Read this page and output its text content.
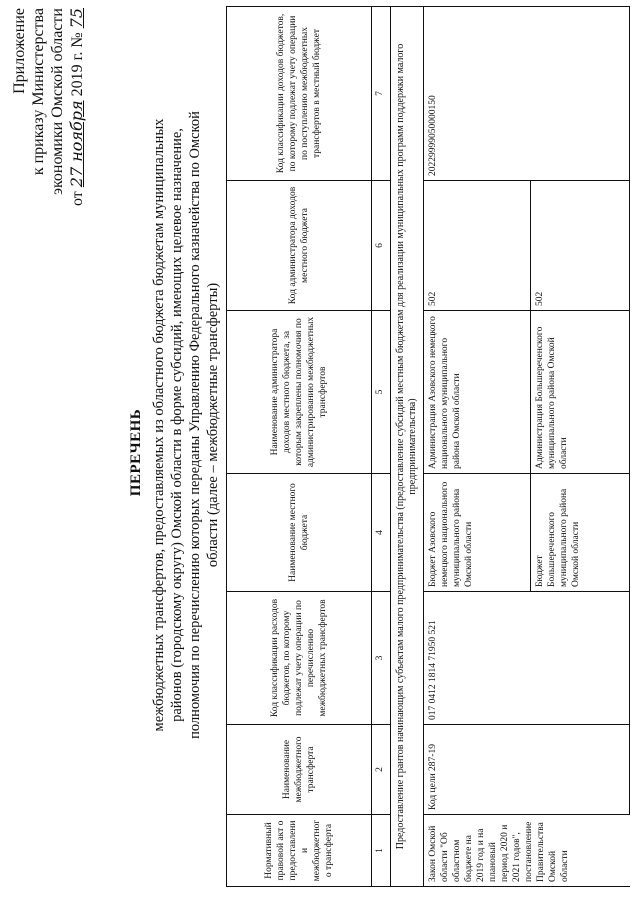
Приложение к приказу Министерства экономики Омской области
от 27 ноября 2019 г. № 75
ПЕРЕЧЕНЬ межбюджетных трансфертов, предоставляемых из областного бюджета бюджетам муниципальных районов (городскому округу) Омской области в форме субсидий, имеющих целевое назначение, полномочия по перечислению которых переданы Управлению Федерального казначейства по Омской области (далее – межбюджетные трансферты)
Нормативный правовой акт о предоставлении межбюджетного трансферта	Наименование межбюджетного трансферта	Код классификации расходов бюджетов, по которому подлежат учету операции по перечислению межбюджетных трансфертов	Наименование местного бюджета	Наименование администратора доходов местного бюджета, за которым закреплены полномочия по администрированию межбюджетных трансфертов	Код администратора доходов местного бюджета	Код классификации доходов бюджетов, по которому подлежат учету операции по поступлению межбюджетных трансфертов в местный бюджет
1	2	3	4	5	6	7
Предоставление грантов начинающим субъектам малого предпринимательства (предоставление субсидий местным бюджетам для реализации муниципальных программ поддержки малого предпринимательства)						
Закон Омской области "Об областном бюджете на 2019 год и на плановый период 2020 и 2021 годов", постановление Правительства Омской области	Код цели 287-19	017 0412 1814 71950 521	Бюджет Азовского немецкого национального муниципального района Омской области	Администрация Азовского немецкого национального муниципального района Омской области	502	20229999050000150
			Бюджет Большереченского муниципального района Омской области	Администрация Большереченского муниципального района Омской области	502	
